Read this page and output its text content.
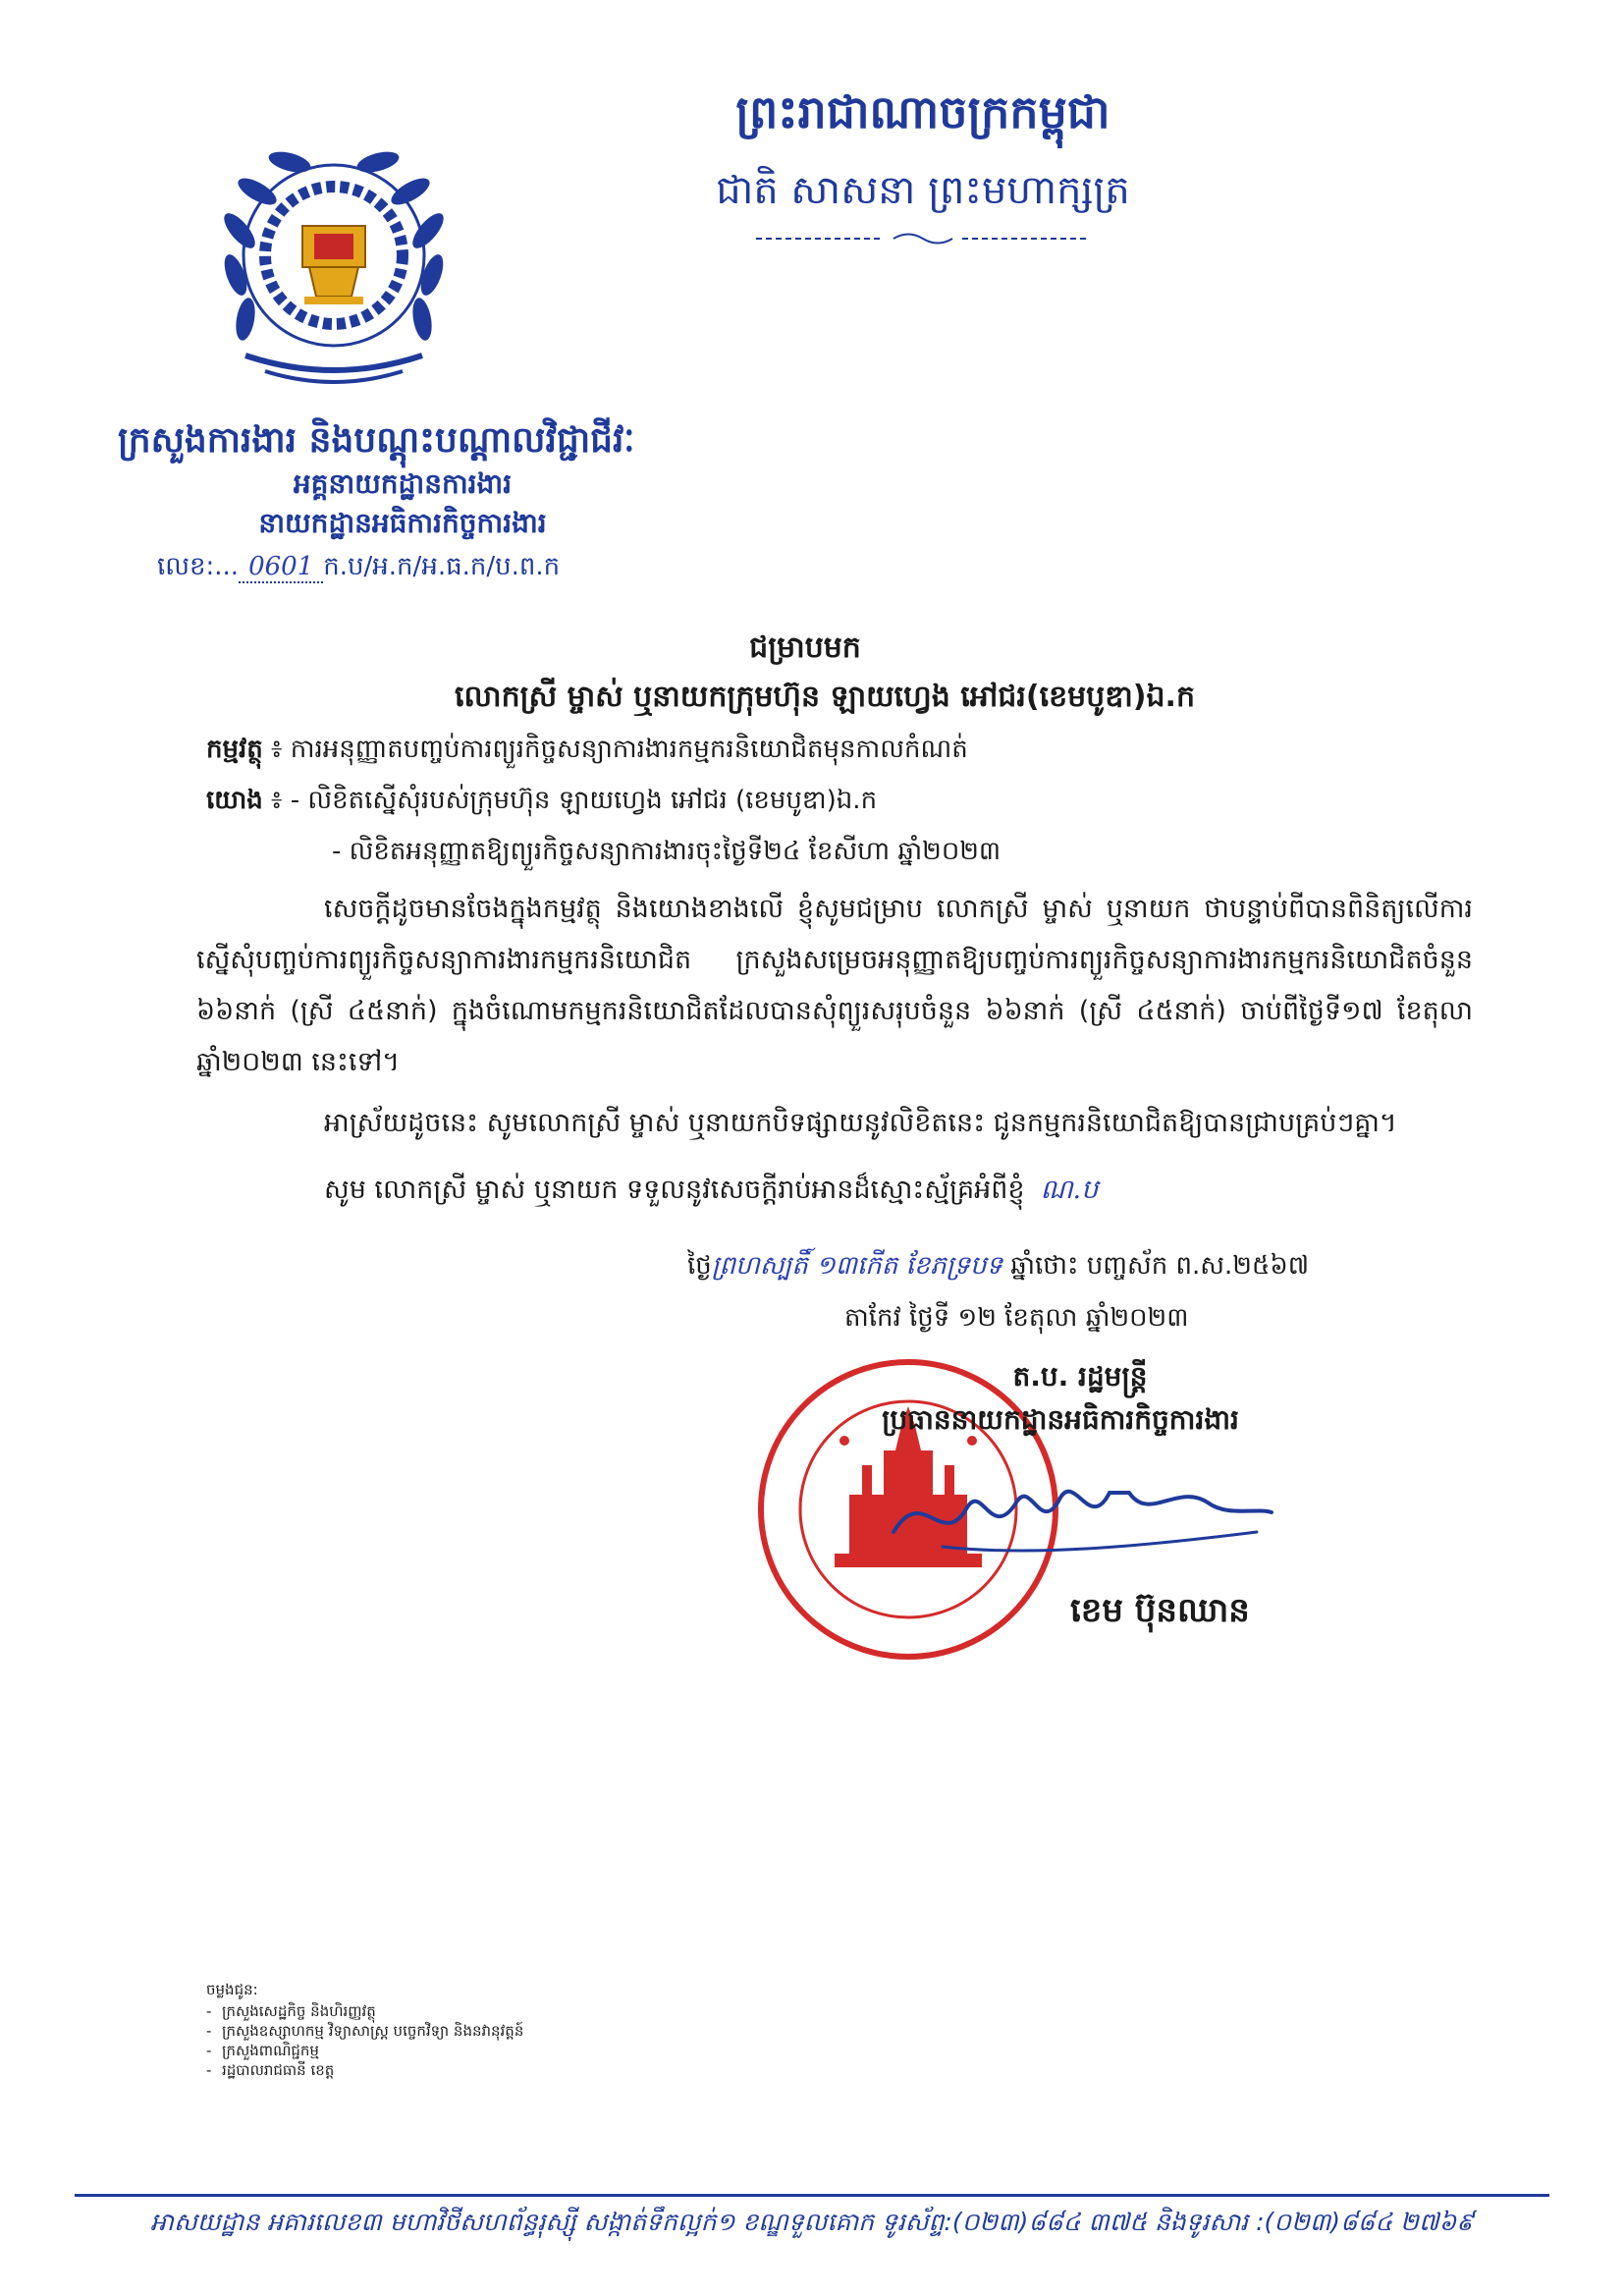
ព្រះរាជាណាចក្រកម្ពុជា
ជាតិ សាសនា ព្រះមហាក្សត្រ
ក្រសួងការងារ និងបណ្ដុះបណ្ដាលវិជ្ជាជីវៈ
អគ្គនាយកដ្ឋានការងារ
នាយកដ្ឋានអធិការកិច្ចការងារ
លេខ:... 0601 ក.ប/អ.ក/អ.ធ.ក/ប.ព.ក
ជម្រាបមក
លោកស្រី ម្ចាស់ ឬនាយកក្រុមហ៊ុន ឡាយហ្វេង អៅជរ(ខេមបូឌា)ឯ.ក
កម្មវត្ថុ ៖ ការអនុញ្ញាតបញ្ចប់ការព្យួរកិច្ចសន្យាការងារកម្មករនិយោជិតមុនកាលកំណត់
យោង ៖ - លិខិតស្នើសុំរបស់ក្រុមហ៊ុន ឡាយហ្វេង អៅជរ (ខេមបូឌា)ឯ.ក
- លិខិតអនុញ្ញាតឱ្យព្យួរកិច្ចសន្យាការងារចុះថ្ងៃទី២៤ ខែសីហា ឆ្នាំ២០២៣
សេចក្ដីដូចមានចែងក្នុងកម្មវត្ថុ និងយោងខាងលើ ខ្ញុំសូមជម្រាប លោកស្រី ម្ចាស់ ឬនាយក ថាបន្ទាប់ពីបានពិនិត្យលើការស្នើសុំបញ្ចប់ការព្យួរកិច្ចសន្យាការងារកម្មករនិយោជិត ក្រសួងសម្រេចអនុញ្ញាតឱ្យបញ្ចប់ការព្យួរកិច្ចសន្យាការងារកម្មករនិយោជិតចំនួន ៦៦នាក់ (ស្រី ៤៥នាក់) ក្នុងចំណោមកម្មករនិយោជិតដែលបានសុំព្យួរសរុបចំនួន ៦៦នាក់ (ស្រី ៤៥នាក់) ចាប់ពីថ្ងៃទី១៧ ខែតុលា ឆ្នាំ២០២៣ នេះទៅ។
អាស្រ័យដូចនេះ សូមលោកស្រី ម្ចាស់ ឬនាយកបិទផ្សាយនូវលិខិតនេះ ជូនកម្មករនិយោជិតឱ្យបានជ្រាបគ្រប់ៗគ្នា។
សូម លោកស្រី ម្ចាស់ ឬនាយក ទទួលនូវសេចក្ដីរាប់អានដ៏ស្មោះស្ម័គ្រអំពីខ្ញុំ ណ.ប
ថ្ងៃព្រហស្បតិ៍ ១៣កើត ខែភទ្របទ ឆ្នាំថោះ បញ្ចស័ក ព.ស.២៥៦៧
តាកែវ ថ្ងៃទី ១២ ខែតុលា ឆ្នាំ២០២៣
ត.ប. រដ្ឋមន្ត្រី
ប្រធាននាយកដ្ឋានអធិការកិច្ចការងារ
ខេម ប៊ុនឈាន
ចម្លងជូន:
- ក្រសួងសេដ្ឋកិច្ច និងហិរញ្ញវត្ថុ
- ក្រសួងឧស្សាហកម្ម វិទ្យាសាស្ត្រ បច្ចេកវិទ្យា និងនវានុវត្តន៍
- ក្រសួងពាណិជ្ជកម្ម
- រដ្ឋបាលរាជធានី ខេត្ត
អាសយដ្ឋាន អគារលេខ៣ មហាវិថីសហព័ន្ធរុស្ស៊ី សង្កាត់ទឹកល្អក់១ ខណ្ឌទួលគោក ទូរស័ព្ទ:(០២៣)៨៨៤ ៣៧៥ និងទូរសារ :(០២៣)៨៨៤ ២៧៦៩
